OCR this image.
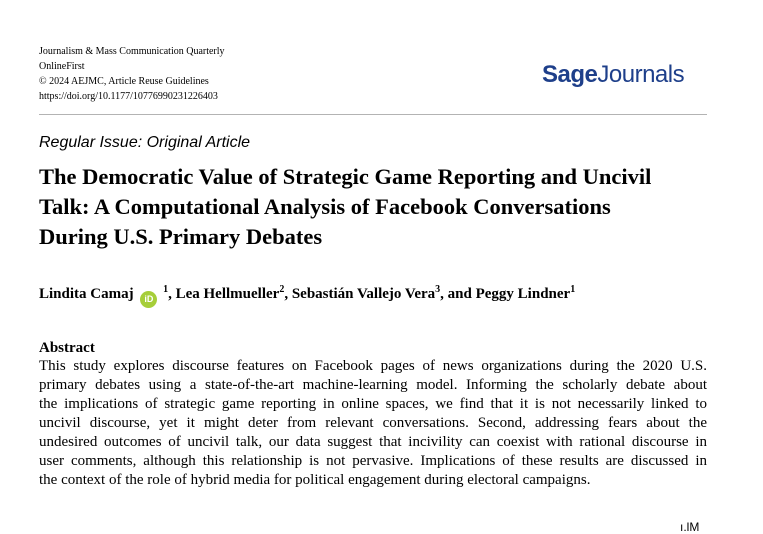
Journalism & Mass Communication Quarterly
OnlineFirst
© 2024 AEJMC, Article Reuse Guidelines
https://doi.org/10.1177/10776990231226403
SageJournals
Regular Issue: Original Article
The Democratic Value of Strategic Game Reporting and Uncivil
Talk: A Computational Analysis of Facebook Conversations
During U.S. Primary Debates
Lindita Camaj iD $^1$, Lea Hellmueller$^2$, Sebastián Vallejo Vera$^3$, and Peggy Lindner$^1$
Abstract
This study explores discourse features on Facebook pages of news organizations during the 2020 U.S.
primary debates using a state-of-the-art machine-learning model. Informing the scholarly debate about
the implications of strategic game reporting in online spaces, we find that it is not necessarily linked to
uncivil discourse, yet it might deter from relevant conversations. Second, addressing fears about the
undesired outcomes of uncivil talk, our data suggest that incivility can coexist with rational discourse in
user comments, although this relationship is not pervasive. Implications of these results are discussed in
the context of the role of hybrid media for political engagement during electoral campaigns.
ı.lM
